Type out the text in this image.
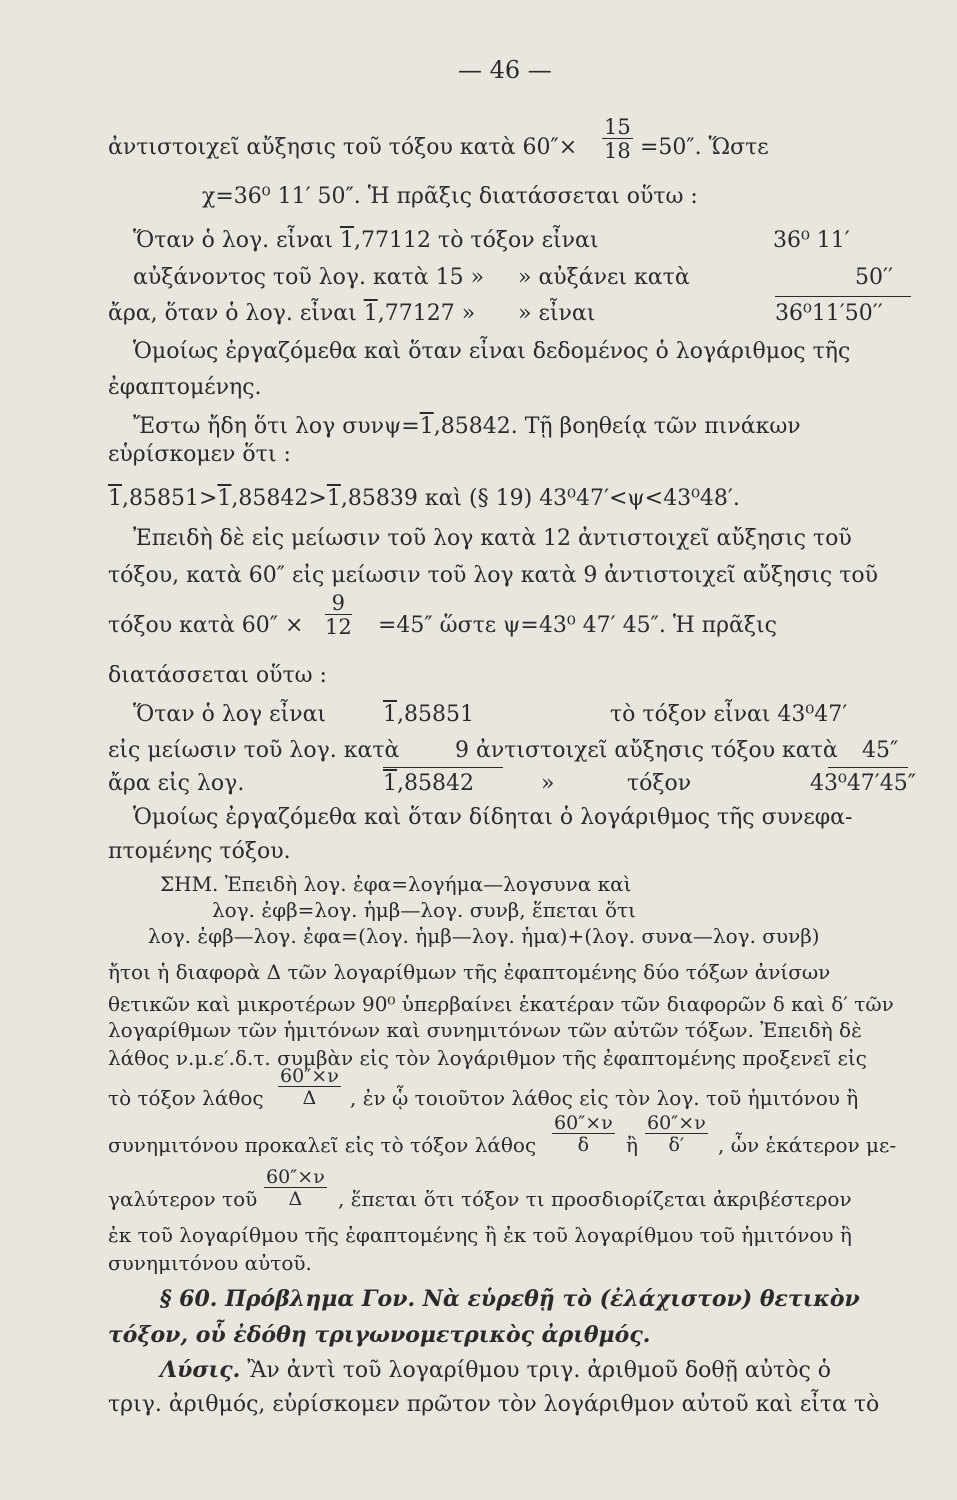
— 46 —
ἀντιστοιχεῖ αὔξησις τοῦ τόξου κατὰ $60''\times \frac{15}{18} =50''$. Ὥστε
χ=36⁰ 11′ 50″. Ἡ πρᾶξις διατάσσεται οὕτω :
Ὅταν ὁ λογ. εἶναι 1,77112 τὸ τόξον εἶναι	36⁰ 11′
αὐξάνοντος τοῦ λογ. κατὰ 15 » » αὐξάνει κατὰ	50′′
ἄρα, ὅταν ὁ λογ. εἶναι 1,77127 » » εἶναι	36⁰11′50′′
Ὁμοίως ἐργαζόμεθα καὶ ὅταν εἶναι δεδομένος ὁ λογάριθμος τῆς
ἐφαπτομένης.
Ἔστω ἤδη ὅτι λογ συνψ=1,85842. Τῇ βοηθείᾳ τῶν πινάκων
εὑρίσκομεν ὅτι :
1,85851>1,85842>1,85839 καὶ (§ 19) 43⁰47′<ψ<43⁰48′.
Ἐπειδὴ δὲ εἰς μείωσιν τοῦ λογ κατὰ 12 ἀντιστοιχεῖ αὔξησις τοῦ
τόξου, κατὰ 60″ εἰς μείωσιν τοῦ λογ κατὰ 9 ἀντιστοιχεῖ αὔξησις τοῦ
τόξου κατὰ $60'' \times \frac{9}{12} =45''$ ὥστε ψ=43⁰ 47′ 45″. Ἡ πρᾶξις
διατάσσεται οὕτω :
Ὅταν ὁ λογ εἶναι	1,85851	τὸ τόξον εἶναι 43⁰47′
εἰς μείωσιν τοῦ λογ. κατὰ	9 ἀντιστοιχεῖ αὔξησις τόξου κατὰ 45″
ἄρα εἰς λογ.	1,85842	»	τόξον	43⁰47′45″
Ὁμοίως ἐργαζόμεθα καὶ ὅταν δίδηται ὁ λογάριθμος τῆς συνεφα-
πτομένης τόξου.
ΣΗΜ. Ἐπειδὴ λογ. ἐφα=λογήμα—λογσυνα καὶ
λογ. ἐφβ=λογ. ἡμβ—λογ. συνβ, ἕπεται ὅτι
λογ. ἐφβ—λογ. ἐφα=(λογ. ἡμβ—λογ. ἡμα)+(λογ. συνα—λογ. συνβ)
ἤτοι ἡ διαφορὰ Δ τῶν λογαρίθμων τῆς ἐφαπτομένης δύο τόξων ἀνίσων
θετικῶν καὶ μικροτέρων 90⁰ ὑπερβαίνει ἑκατέραν τῶν διαφορῶν δ καὶ δ′ τῶν
λογαρίθμων τῶν ἡμιτόνων καὶ συνημιτόνων τῶν αὐτῶν τόξων. Ἐπειδὴ δὲ
λάθος ν.μ.ε′.δ.τ. συμβὰν εἰς τὸν λογάριθμον τῆς ἐφαπτομένης προξενεῖ εἰς
τὸ τόξον λάθος $\frac{60''\times\nu}{\Delta}$ , ἐν ᾧ τοιοῦτον λάθος εἰς τὸν λογ. τοῦ ἡμιτόνου ἢ
συνημιτόνου προκαλεῖ εἰς τὸ τόξον λάθος $\frac{60''\times\nu}{\delta}$ ἢ $\frac{60''\times\nu}{\delta'}$ , ὧν ἑκάτερον με-
γαλύτερον τοῦ $\frac{60''\times\nu}{\Delta}$ , ἕπεται ὅτι τόξον τι προσδιορίζεται ἀκριβέστερον
ἐκ τοῦ λογαρίθμου τῆς ἐφαπτομένης ἢ ἐκ τοῦ λογαρίθμου τοῦ ἡμιτόνου ἢ
συνημιτόνου αὐτοῦ.
§ 60. Πρόβλημα Γον. Νὰ εὑρεθῇ τὸ (ἐλάχιστον) θετικὸν
τόξον, οὗ ἐδόθη τριγωνομετρικὸς ἀριθμός.
Λύσις. Ἂν ἀντὶ τοῦ λογαρίθμου τριγ. ἀριθμοῦ δοθῇ αὐτὸς ὁ
τριγ. ἀριθμός, εὑρίσκομεν πρῶτον τὸν λογάριθμον αὐτοῦ καὶ εἶτα τὸ
